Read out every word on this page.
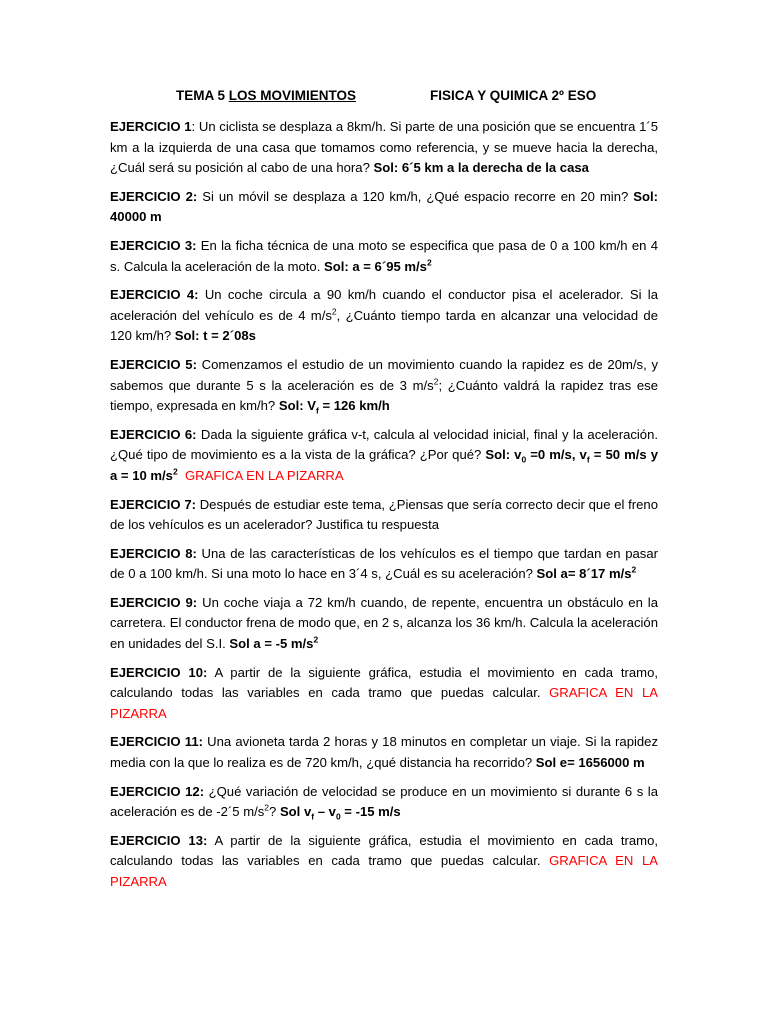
TEMA 5 LOS MOVIMIENTOS	FISICA Y QUIMICA 2º ESO

EJERCICIO 1: Un ciclista se desplaza a 8km/h. Si parte de una posición que se encuentra 1´5 km a la izquierda de una casa que tomamos como referencia, y se mueve hacia la derecha, ¿Cuál será su posición al cabo de una hora? Sol: 6´5 km a la derecha de la casa

EJERCICIO 2: Si un móvil se desplaza a 120 km/h, ¿Qué espacio recorre en 20 min? Sol: 40000 m

EJERCICIO 3: En la ficha técnica de una moto se especifica que pasa de 0 a 100 km/h en 4 s. Calcula la aceleración de la moto. Sol: a = 6´95 $m/s^2$

EJERCICIO 4: Un coche circula a 90 km/h cuando el conductor pisa el acelerador. Si la aceleración del vehículo es de 4 $m/s^2$, ¿Cuánto tiempo tarda en alcanzar una velocidad de 120 km/h? Sol: t = 2´08s

EJERCICIO 5: Comenzamos el estudio de un movimiento cuando la rapidez es de 20m/s, y sabemos que durante 5 s la aceleración es de 3 $m/s^2$; ¿Cuánto valdrá la rapidez tras ese tiempo, expresada en km/h? Sol: $V_f = 126$ km/h

EJERCICIO 6: Dada la siguiente gráfica v-t, calcula al velocidad inicial, final y la aceleración. ¿Qué tipo de movimiento es a la vista de la gráfica? ¿Por qué? Sol: $v_0 =0$ m/s, $v_f = 50$ m/s y a = 10 $m/s^2$ GRAFICA EN LA PIZARRA

EJERCICIO 7: Después de estudiar este tema, ¿Piensas que sería correcto decir que el freno de los vehículos es un acelerador? Justifica tu respuesta

EJERCICIO 8: Una de las características de los vehículos es el tiempo que tardan en pasar de 0 a 100 km/h. Si una moto lo hace en 3´4 s, ¿Cuál es su aceleración? Sol a= 8´17 $m/s^2$

EJERCICIO 9: Un coche viaja a 72 km/h cuando, de repente, encuentra un obstáculo en la carretera. El conductor frena de modo que, en 2 s, alcanza los 36 km/h. Calcula la aceleración en unidades del S.I. Sol a = -5 $m/s^2$

EJERCICIO 10: A partir de la siguiente gráfica, estudia el movimiento en cada tramo, calculando todas las variables en cada tramo que puedas calcular. GRAFICA EN LA PIZARRA

EJERCICIO 11: Una avioneta tarda 2 horas y 18 minutos en completar un viaje. Si la rapidez media con la que lo realiza es de 720 km/h, ¿qué distancia ha recorrido? Sol e= 1656000 m

EJERCICIO 12: ¿Qué variación de velocidad se produce en un movimiento si durante 6 s la aceleración es de -2´5 $m/s^2$? Sol $v_f - v_0 = -15$ m/s

EJERCICIO 13: A partir de la siguiente gráfica, estudia el movimiento en cada tramo, calculando todas las variables en cada tramo que puedas calcular. GRAFICA EN LA PIZARRA
